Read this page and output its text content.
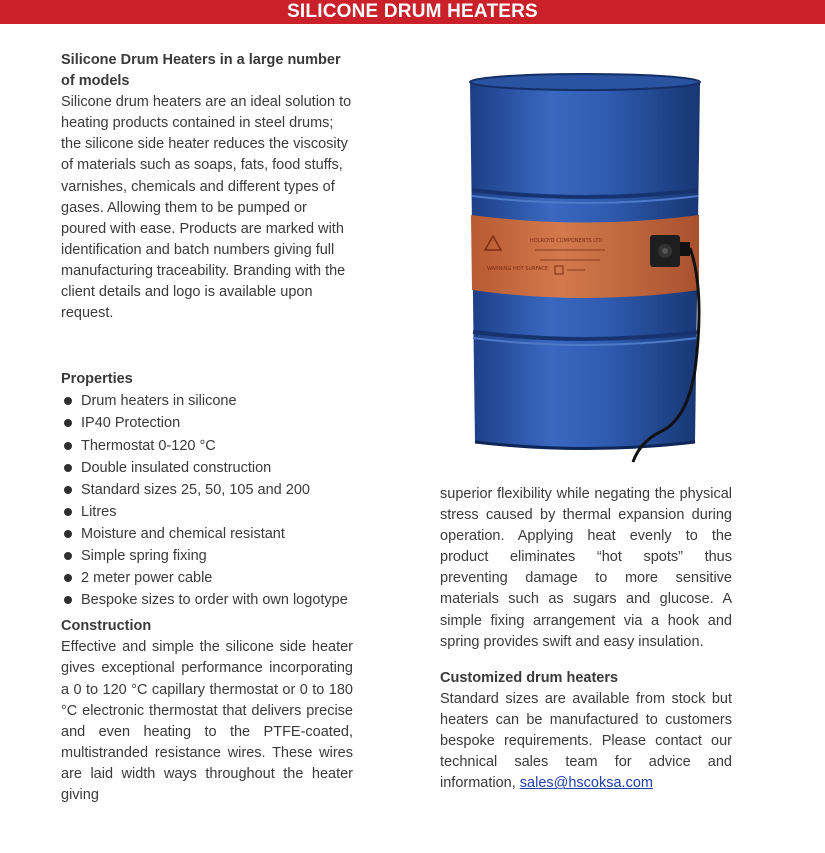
SILICONE DRUM HEATERS
Silicone Drum Heaters in a large number of models

Silicone drum heaters are an ideal solution to heating products contained in steel drums; the silicone side heater reduces the viscosity of materials such as soaps, fats, food stuffs, varnishes, chemicals and different types of gases. Allowing them to be pumped or poured with ease. Products are marked with identification and batch numbers giving full manufacturing traceability. Branding with the client details and logo is available upon request.

Properties
Drum heaters in silicone
IP40 Protection
Thermostat 0-120 °C
Double insulated construction
Standard sizes 25, 50, 105 and 200
Litres
Moisture and chemical resistant
Simple spring fixing
2 meter power cable
Bespoke sizes to order with own logotype
Construction

Effective and simple the silicone side heater gives exceptional performance incorporating a 0 to 120 °C capillary thermostat or 0 to 180 °C electronic thermostat that delivers precise and even heating to the PTFE-coated, multistranded resistance wires. These wires are laid width ways throughout the heater giving

WARNING HOT SURFACE
HOLROYD COMPONENTS LTD

superior flexibility while negating the physical stress caused by thermal expansion during operation. Applying heat evenly to the product eliminates “hot spots” thus preventing damage to more sensitive materials such as sugars and glucose. A simple fixing arrangement via a hook and spring provides swift and easy insulation.

Customized drum heaters

Standard sizes are available from stock but heaters can be manufactured to customers bespoke requirements. Please contact our technical sales team for advice and information, sales@hscoksa.com
